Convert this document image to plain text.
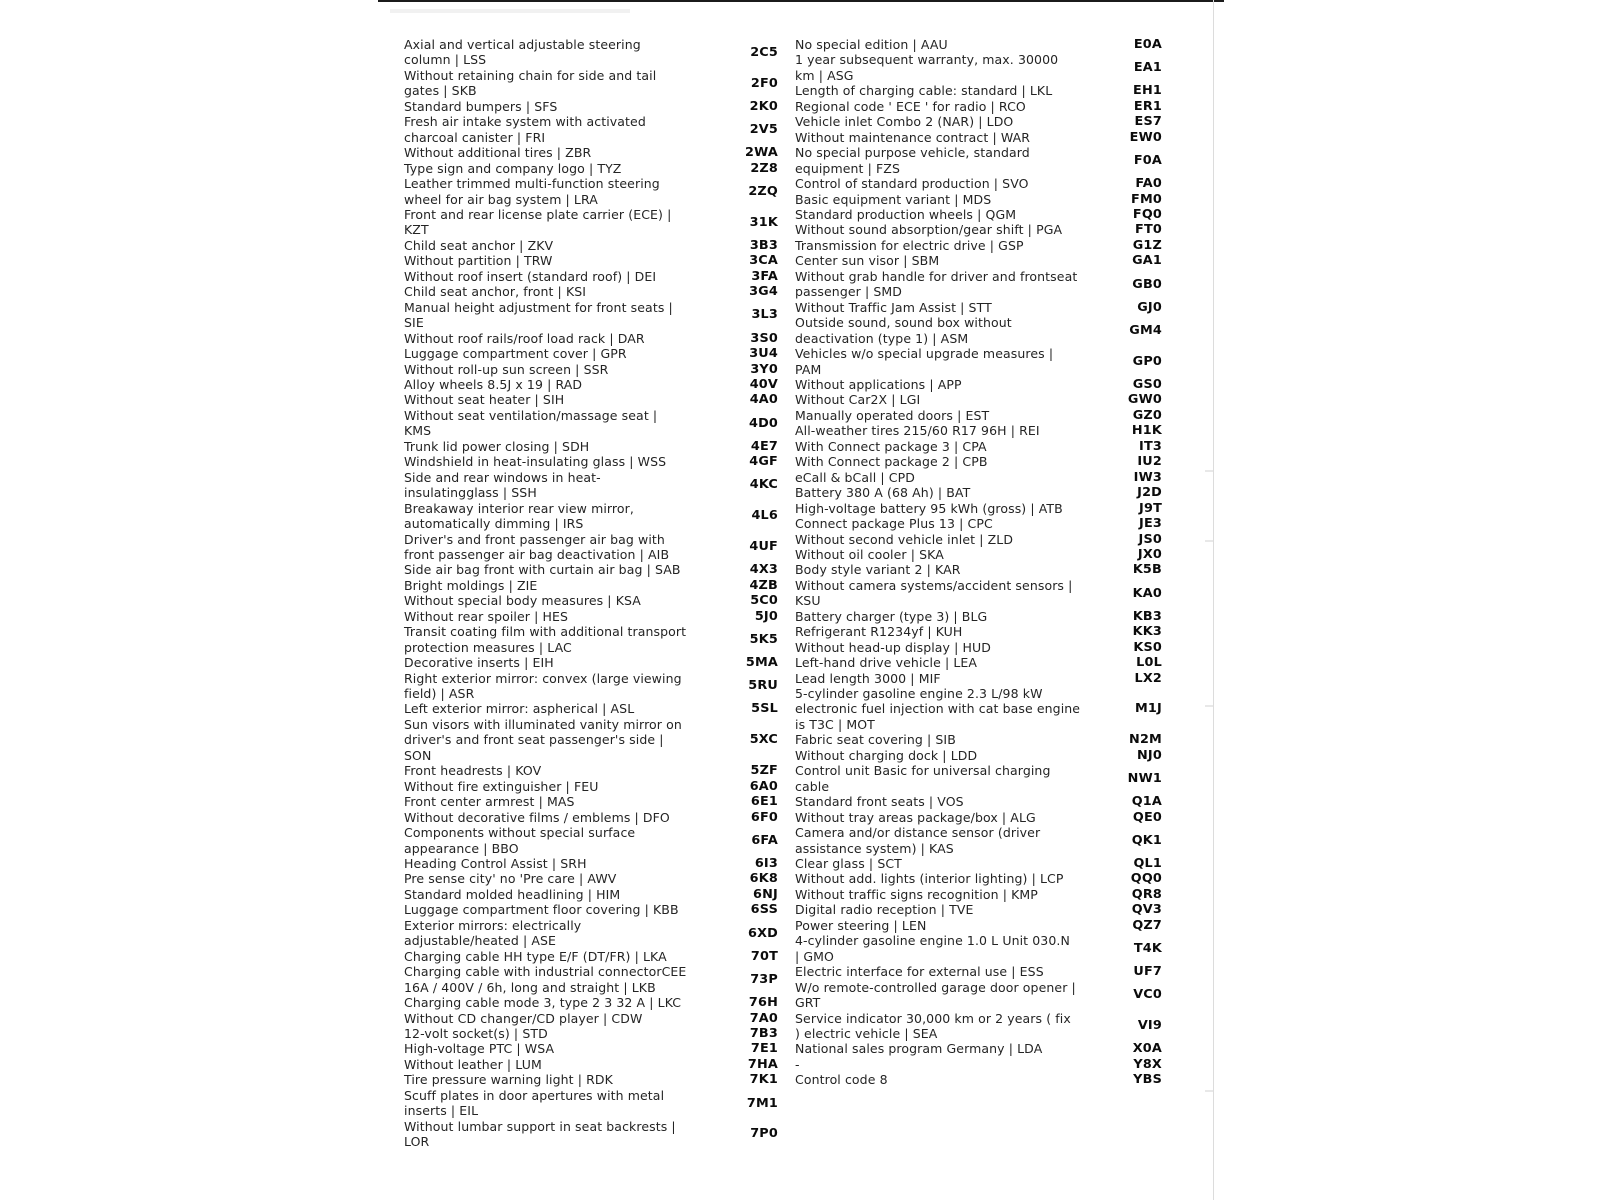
Axial and vertical adjustable steering
column | LSS
2C5
Without retaining chain for side and tail
gates | SKB
2F0
Standard bumpers | SFS	2K0
Fresh air intake system with activated
charcoal canister | FRI
2V5
Without additional tires | ZBR	2WA
Type sign and company logo | TYZ	2Z8
Leather trimmed multi-function steering
wheel for air bag system | LRA
2ZQ
Front and rear license plate carrier (ECE) |
KZT
31K
Child seat anchor | ZKV	3B3
Without partition | TRW	3CA
Without roof insert (standard roof) | DEI	3FA
Child seat anchor, front | KSI	3G4
Manual height adjustment for front seats |
SIE
3L3
Without roof rails/roof load rack | DAR	3S0
Luggage compartment cover | GPR	3U4
Without roll-up sun screen | SSR	3Y0
Alloy wheels 8.5J x 19 | RAD	40V
Without seat heater | SIH	4A0
Without seat ventilation/massage seat |
KMS
4D0
Trunk lid power closing | SDH	4E7
Windshield in heat-insulating glass | WSS	4GF
Side and rear windows in heat-
insulatingglass | SSH
4KC
Breakaway interior rear view mirror,
automatically dimming | IRS
4L6
Driver's and front passenger air bag with
front passenger air bag deactivation | AIB
4UF
Side air bag front with curtain air bag | SAB	4X3
Bright moldings | ZIE	4ZB
Without special body measures | KSA	5C0
Without rear spoiler | HES	5J0
Transit coating film with additional transport
protection measures | LAC
5K5
Decorative inserts | EIH	5MA
Right exterior mirror: convex (large viewing
field) | ASR
5RU
Left exterior mirror: aspherical | ASL	5SL
Sun visors with illuminated vanity mirror on
driver's and front seat passenger's side |
SON
5XC
Front headrests | KOV	5ZF
Without fire extinguisher | FEU	6A0
Front center armrest | MAS	6E1
Without decorative films / emblems | DFO	6F0
Components without special surface
appearance | BBO
6FA
Heading Control Assist | SRH	6I3
Pre sense city' no 'Pre care | AWV	6K8
Standard molded headlining | HIM	6NJ
Luggage compartment floor covering | KBB	6SS
Exterior mirrors: electrically
adjustable/heated | ASE
6XD
Charging cable HH type E/F (DT/FR) | LKA	70T
Charging cable with industrial connectorCEE
16A / 400V / 6h, long and straight | LKB
73P
Charging cable mode 3, type 2 3 32 A | LKC	76H
Without CD changer/CD player | CDW	7A0
12-volt socket(s) | STD	7B3
High-voltage PTC | WSA	7E1
Without leather | LUM	7HA
Tire pressure warning light | RDK	7K1
Scuff plates in door apertures with metal
inserts | EIL
7M1
Without lumbar support in seat backrests |
LOR
7P0
No special edition | AAU	E0A
1 year subsequent warranty, max. 30000
km | ASG
EA1
Length of charging cable: standard | LKL	EH1
Regional code ' ECE ' for radio | RCO	ER1
Vehicle inlet Combo 2 (NAR) | LDO	ES7
Without maintenance contract | WAR	EW0
No special purpose vehicle, standard
equipment | FZS
F0A
Control of standard production | SVO	FA0
Basic equipment variant | MDS	FM0
Standard production wheels | QGM	FQ0
Without sound absorption/gear shift | PGA	FT0
Transmission for electric drive | GSP	G1Z
Center sun visor | SBM	GA1
Without grab handle for driver and frontseat
passenger | SMD
GB0
Without Traffic Jam Assist | STT	GJ0
Outside sound, sound box without
deactivation (type 1) | ASM
GM4
Vehicles w/o special upgrade measures |
PAM
GP0
Without applications | APP	GS0
Without Car2X | LGI	GW0
Manually operated doors | EST	GZ0
All-weather tires 215/60 R17 96H | REI	H1K
With Connect package 3 | CPA	IT3
With Connect package 2 | CPB	IU2
eCall & bCall | CPD	IW3
Battery 380 A (68 Ah) | BAT	J2D
High-voltage battery 95 kWh (gross) | ATB	J9T
Connect package Plus 13 | CPC	JE3
Without second vehicle inlet | ZLD	JS0
Without oil cooler | SKA	JX0
Body style variant 2 | KAR	K5B
Without camera systems/accident sensors |
KSU
KA0
Battery charger (type 3) | BLG	KB3
Refrigerant R1234yf | KUH	KK3
Without head-up display | HUD	KS0
Left-hand drive vehicle | LEA	L0L
Lead length 3000 | MIF	LX2
5-cylinder gasoline engine 2.3 L/98 kW
electronic fuel injection with cat base engine
is T3C | MOT
M1J
Fabric seat covering | SIB	N2M
Without charging dock | LDD	NJ0
Control unit Basic for universal charging
cable
NW1
Standard front seats | VOS	Q1A
Without tray areas package/box | ALG	QE0
Camera and/or distance sensor (driver
assistance system) | KAS
QK1
Clear glass | SCT	QL1
Without add. lights (interior lighting) | LCP	QQ0
Without traffic signs recognition | KMP	QR8
Digital radio reception | TVE	QV3
Power steering | LEN	QZ7
4-cylinder gasoline engine 1.0 L Unit 030.N
| GMO
T4K
Electric interface for external use | ESS	UF7
W/o remote-controlled garage door opener |
GRT
VC0
Service indicator 30,000 km or 2 years ( fix
) electric vehicle | SEA
VI9
National sales program Germany | LDA	X0A
-	Y8X
Control code 8	YBS
